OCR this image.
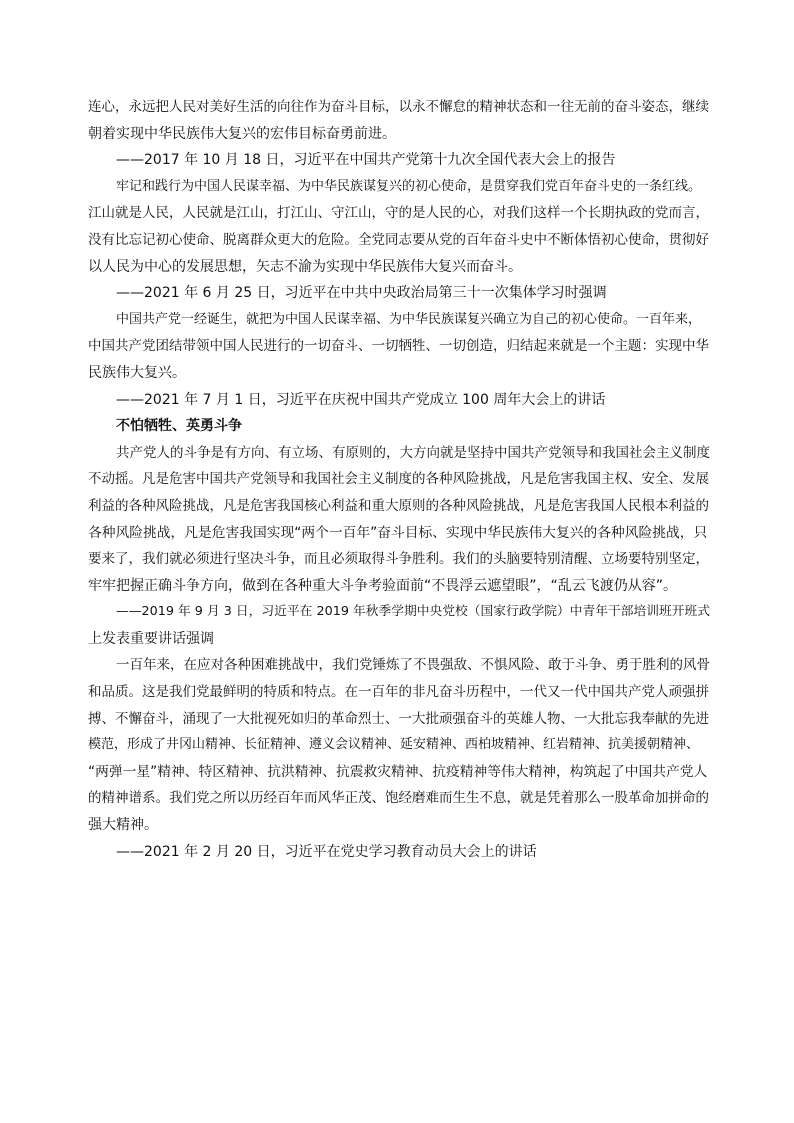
连心，永远把人民对美好生活的向往作为奋斗目标，以永不懈怠的精神状态和一往无前的奋斗姿态，继续

朝着实现中华民族伟大复兴的宏伟目标奋勇前进。

——2017 年 10 月 18 日，习近平在中国共产党第十九次全国代表大会上的报告

牢记和践行为中国人民谋幸福、为中华民族谋复兴的初心使命，是贯穿我们党百年奋斗史的一条红线。

江山就是人民，人民就是江山，打江山、守江山，守的是人民的心，对我们这样一个长期执政的党而言，

没有比忘记初心使命、脱离群众更大的危险。全党同志要从党的百年奋斗史中不断体悟初心使命，贯彻好

以人民为中心的发展思想，矢志不渝为实现中华民族伟大复兴而奋斗。

——2021 年 6 月 25 日，习近平在中共中央政治局第三十一次集体学习时强调

中国共产党一经诞生，就把为中国人民谋幸福、为中华民族谋复兴确立为自己的初心使命。一百年来，

中国共产党团结带领中国人民进行的一切奋斗、一切牺牲、一切创造，归结起来就是一个主题：实现中华

民族伟大复兴。

——2021 年 7 月 1 日，习近平在庆祝中国共产党成立 100 周年大会上的讲话

不怕牺牲、英勇斗争

共产党人的斗争是有方向、有立场、有原则的，大方向就是坚持中国共产党领导和我国社会主义制度

不动摇。凡是危害中国共产党领导和我国社会主义制度的各种风险挑战，凡是危害我国主权、安全、发展

利益的各种风险挑战，凡是危害我国核心利益和重大原则的各种风险挑战，凡是危害我国人民根本利益的

各种风险挑战，凡是危害我国实现“两个一百年”奋斗目标、实现中华民族伟大复兴的各种风险挑战，只

要来了，我们就必须进行坚决斗争，而且必须取得斗争胜利。我们的头脑要特别清醒、立场要特别坚定，

牢牢把握正确斗争方向，做到在各种重大斗争考验面前“不畏浮云遮望眼”，“乱云飞渡仍从容”。

——2019 年 9 月 3 日，习近平在 2019 年秋季学期中央党校（国家行政学院）中青年干部培训班开班式

上发表重要讲话强调

一百年来，在应对各种困难挑战中，我们党锤炼了不畏强敌、不惧风险、敢于斗争、勇于胜利的风骨

和品质。这是我们党最鲜明的特质和特点。在一百年的非凡奋斗历程中，一代又一代中国共产党人顽强拼

搏、不懈奋斗，涌现了一大批视死如归的革命烈士、一大批顽强奋斗的英雄人物、一大批忘我奉献的先进

模范，形成了井冈山精神、长征精神、遵义会议精神、延安精神、西柏坡精神、红岩精神、抗美援朝精神、

“两弹一星”精神、特区精神、抗洪精神、抗震救灾精神、抗疫精神等伟大精神，构筑起了中国共产党人

的精神谱系。我们党之所以历经百年而风华正茂、饱经磨难而生生不息，就是凭着那么一股革命加拼命的

强大精神。

——2021 年 2 月 20 日，习近平在党史学习教育动员大会上的讲话
